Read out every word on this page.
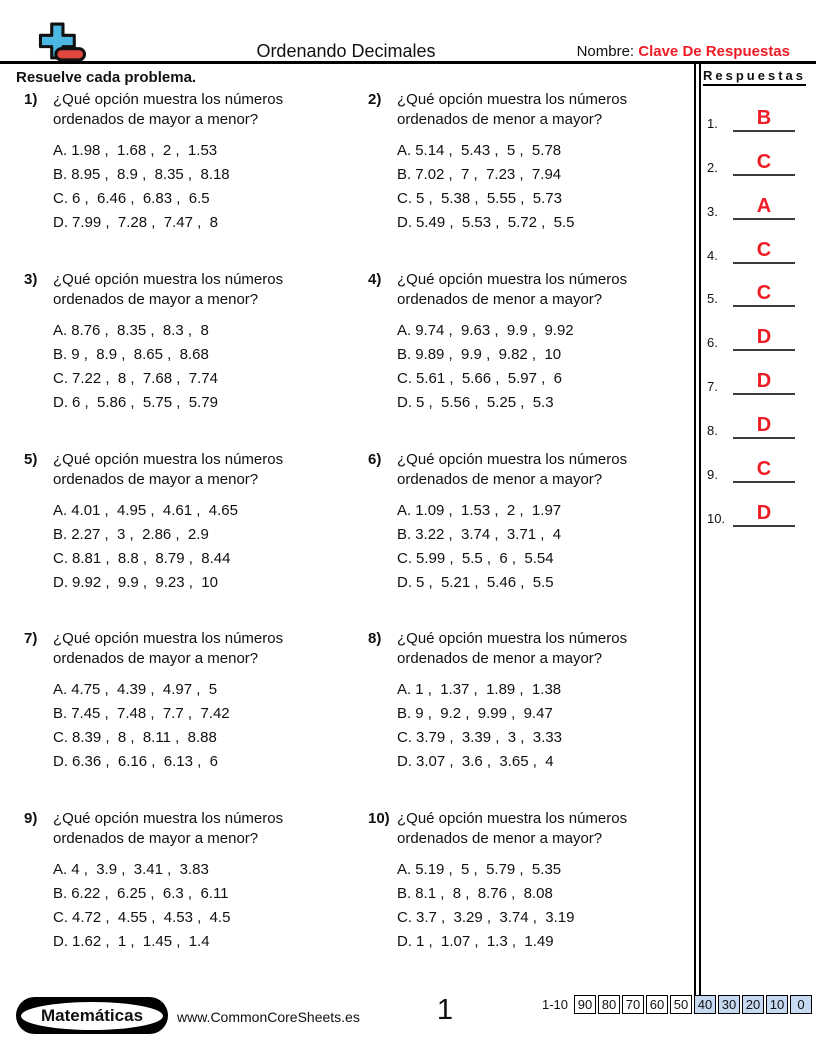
Ordenando Decimales	Nombre: Clave De Respuestas
Resuelve cada problema.	Respuestas
1.	B
2.	C
3.	A
4.	C
5.	C
6.	D
7.	D
8.	D
9.	C
10.	D
1)	¿Qué opción muestra los números
ordenados de mayor a menor?
A. 1.98 ,  1.68 ,  2 ,  1.53
B. 8.95 ,  8.9 ,  8.35 ,  8.18
C. 6 ,  6.46 ,  6.83 ,  6.5
D. 7.99 ,  7.28 ,  7.47 ,  8
2)	¿Qué opción muestra los números
ordenados de menor a mayor?
A. 5.14 ,  5.43 ,  5 ,  5.78
B. 7.02 ,  7 ,  7.23 ,  7.94
C. 5 ,  5.38 ,  5.55 ,  5.73
D. 5.49 ,  5.53 ,  5.72 ,  5.5
3)	¿Qué opción muestra los números
ordenados de mayor a menor?
A. 8.76 ,  8.35 ,  8.3 ,  8
B. 9 ,  8.9 ,  8.65 ,  8.68
C. 7.22 ,  8 ,  7.68 ,  7.74
D. 6 ,  5.86 ,  5.75 ,  5.79
4)	¿Qué opción muestra los números
ordenados de menor a mayor?
A. 9.74 ,  9.63 ,  9.9 ,  9.92
B. 9.89 ,  9.9 ,  9.82 ,  10
C. 5.61 ,  5.66 ,  5.97 ,  6
D. 5 ,  5.56 ,  5.25 ,  5.3
5)	¿Qué opción muestra los números
ordenados de mayor a menor?
A. 4.01 ,  4.95 ,  4.61 ,  4.65
B. 2.27 ,  3 ,  2.86 ,  2.9
C. 8.81 ,  8.8 ,  8.79 ,  8.44
D. 9.92 ,  9.9 ,  9.23 ,  10
6)	¿Qué opción muestra los números
ordenados de menor a mayor?
A. 1.09 ,  1.53 ,  2 ,  1.97
B. 3.22 ,  3.74 ,  3.71 ,  4
C. 5.99 ,  5.5 ,  6 ,  5.54
D. 5 ,  5.21 ,  5.46 ,  5.5
7)	¿Qué opción muestra los números
ordenados de mayor a menor?
A. 4.75 ,  4.39 ,  4.97 ,  5
B. 7.45 ,  7.48 ,  7.7 ,  7.42
C. 8.39 ,  8 ,  8.11 ,  8.88
D. 6.36 ,  6.16 ,  6.13 ,  6
8)	¿Qué opción muestra los números
ordenados de menor a mayor?
A. 1 ,  1.37 ,  1.89 ,  1.38
B. 9 ,  9.2 ,  9.99 ,  9.47
C. 3.79 ,  3.39 ,  3 ,  3.33
D. 3.07 ,  3.6 ,  3.65 ,  4
9)	¿Qué opción muestra los números
ordenados de mayor a menor?
A. 4 ,  3.9 ,  3.41 ,  3.83
B. 6.22 ,  6.25 ,  6.3 ,  6.11
C. 4.72 ,  4.55 ,  4.53 ,  4.5
D. 1.62 ,  1 ,  1.45 ,  1.4
10) ¿Qué opción muestra los números
ordenados de menor a mayor?
A. 5.19 ,  5 ,  5.79 ,  5.35
B. 8.1 ,  8 ,  8.76 ,  8.08
C. 3.7 ,  3.29 ,  3.74 ,  3.19
D. 1 ,  1.07 ,  1.3 ,  1.49
Matemáticas	www.CommonCoreSheets.es	1	1-10 90 80 70 60 50 40 30 20 10	0
